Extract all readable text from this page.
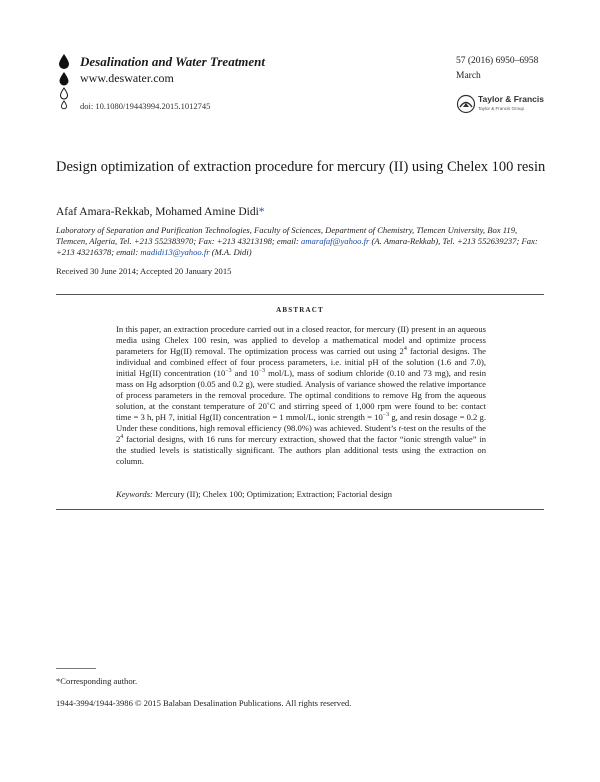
Desalination and Water Treatment
www.deswater.com
doi: 10.1080/19443994.2015.1012745
57 (2016) 6950–6958
March
Taylor & Francis
Taylor & Francis Group
Design optimization of extraction procedure for mercury (II) using Chelex 100 resin
Afaf Amara-Rekkab, Mohamed Amine Didi*
Laboratory of Separation and Purification Technologies, Faculty of Sciences, Department of Chemistry, Tlemcen University, Box 119, Tlemcen, Algeria, Tel. +213 552383970; Fax: +213 43213198; email: amarafaf@yahoo.fr (A. Amara-Rekkab), Tel. +213 552639237; Fax: +213 43216378; email: madidi13@yahoo.fr (M.A. Didi)
Received 30 June 2014; Accepted 20 January 2015
ABSTRACT
In this paper, an extraction procedure carried out in a closed reactor, for mercury (II) present in an aqueous media using Chelex 100 resin, was applied to develop a mathematical model and optimize process parameters for Hg(II) removal. The optimization process was carried out using $2^4$ factorial designs. The individual and combined effect of four process parameters, i.e. initial pH of the solution (1.6 and 7.0), initial Hg(II) concentration ($10^{-3}$ and $10^{-3}$ mol/L), mass of sodium chloride (0.10 and 73 mg), and resin mass on Hg adsorption (0.05 and 0.2 g), were studied. Analysis of variance showed the relative importance of process parameters in the removal procedure. The optimal conditions to remove Hg from the aqueous solution, at the constant temperature of 20˚C and stirring speed of 1,000 rpm were found to be: contact time = 3 h, pH 7, initial Hg(II) concentration = 1 mmol/L, ionic strength = $10^{-3}$ g, and resin dosage = 0.2 g. Under these conditions, high removal efficiency (98.0%) was achieved. Student’s t-test on the results of the $2^4$ factorial designs, with 16 runs for mercury extraction, showed that the factor “ionic strength value” in the studied levels is statistically significant. The authors plan additional tests using the extraction on column.
Keywords: Mercury (II); Chelex 100; Optimization; Extraction; Factorial design
*Corresponding author.
1944-3994/1944-3986 © 2015 Balaban Desalination Publications. All rights reserved.
